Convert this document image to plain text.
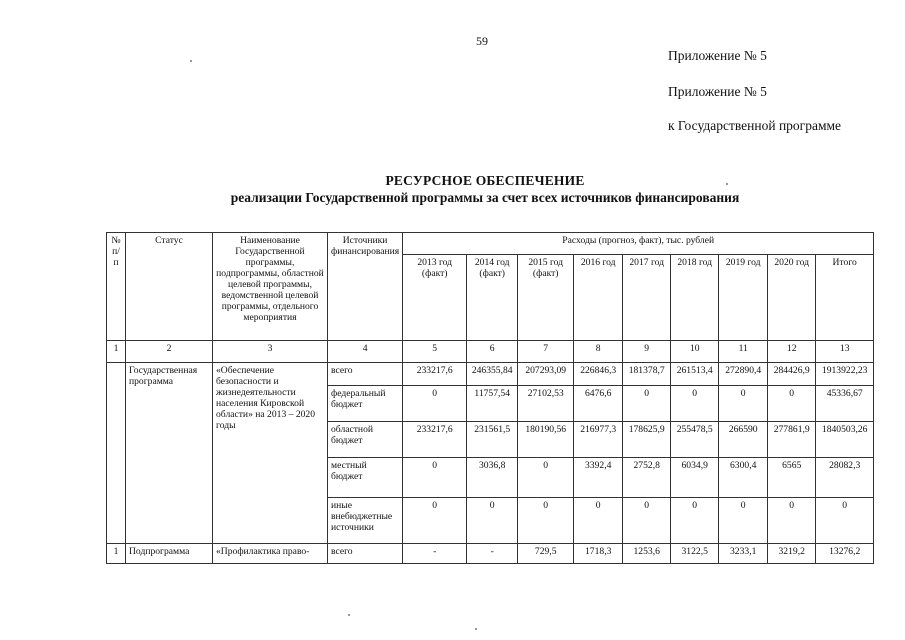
59
Приложение № 5
Приложение № 5
к Государственной программе
РЕСУРСНОЕ ОБЕСПЕЧЕНИЕ
реализации Государственной программы за счет всех источников финансирования
№ п/п	Статус	Наименование Государственной программы, подпрограммы, областной целевой программы, ведомственной целевой программы, отдельного мероприятия	Источники финансирования	Расходы (прогноз, факт), тыс. рублей								
				2013 год (факт)	2014 год (факт)	2015 год (факт)	2016 год	2017 год	2018 год	2019 год	2020 год	Итого
1	2	3	4	5	6	7	8	9	10	11	12	13
	Государственная программа	«Обеспечение безопасности и жизнедеятельности населения Кировской области» на 2013 – 2020 годы	всего	233217,6	246355,84	207293,09	226846,3	181378,7	261513,4	272890,4	284426,9	1913922,23
			федеральный бюджет	0	11757,54	27102,53	6476,6	0	0	0	0	45336,67
			областной бюджет	233217,6	231561,5	180190,56	216977,3	178625,9	255478,5	266590	277861,9	1840503,26
			местный бюджет	0	3036,8	0	3392,4	2752,8	6034,9	6300,4	6565	28082,3
			иные внебюджетные источники	0	0	0	0	0	0	0	0	0
1	Подпрограмма	«Профилактика право-	всего	-	-	729,5	1718,3	1253,6	3122,5	3233,1	3219,2	13276,2
